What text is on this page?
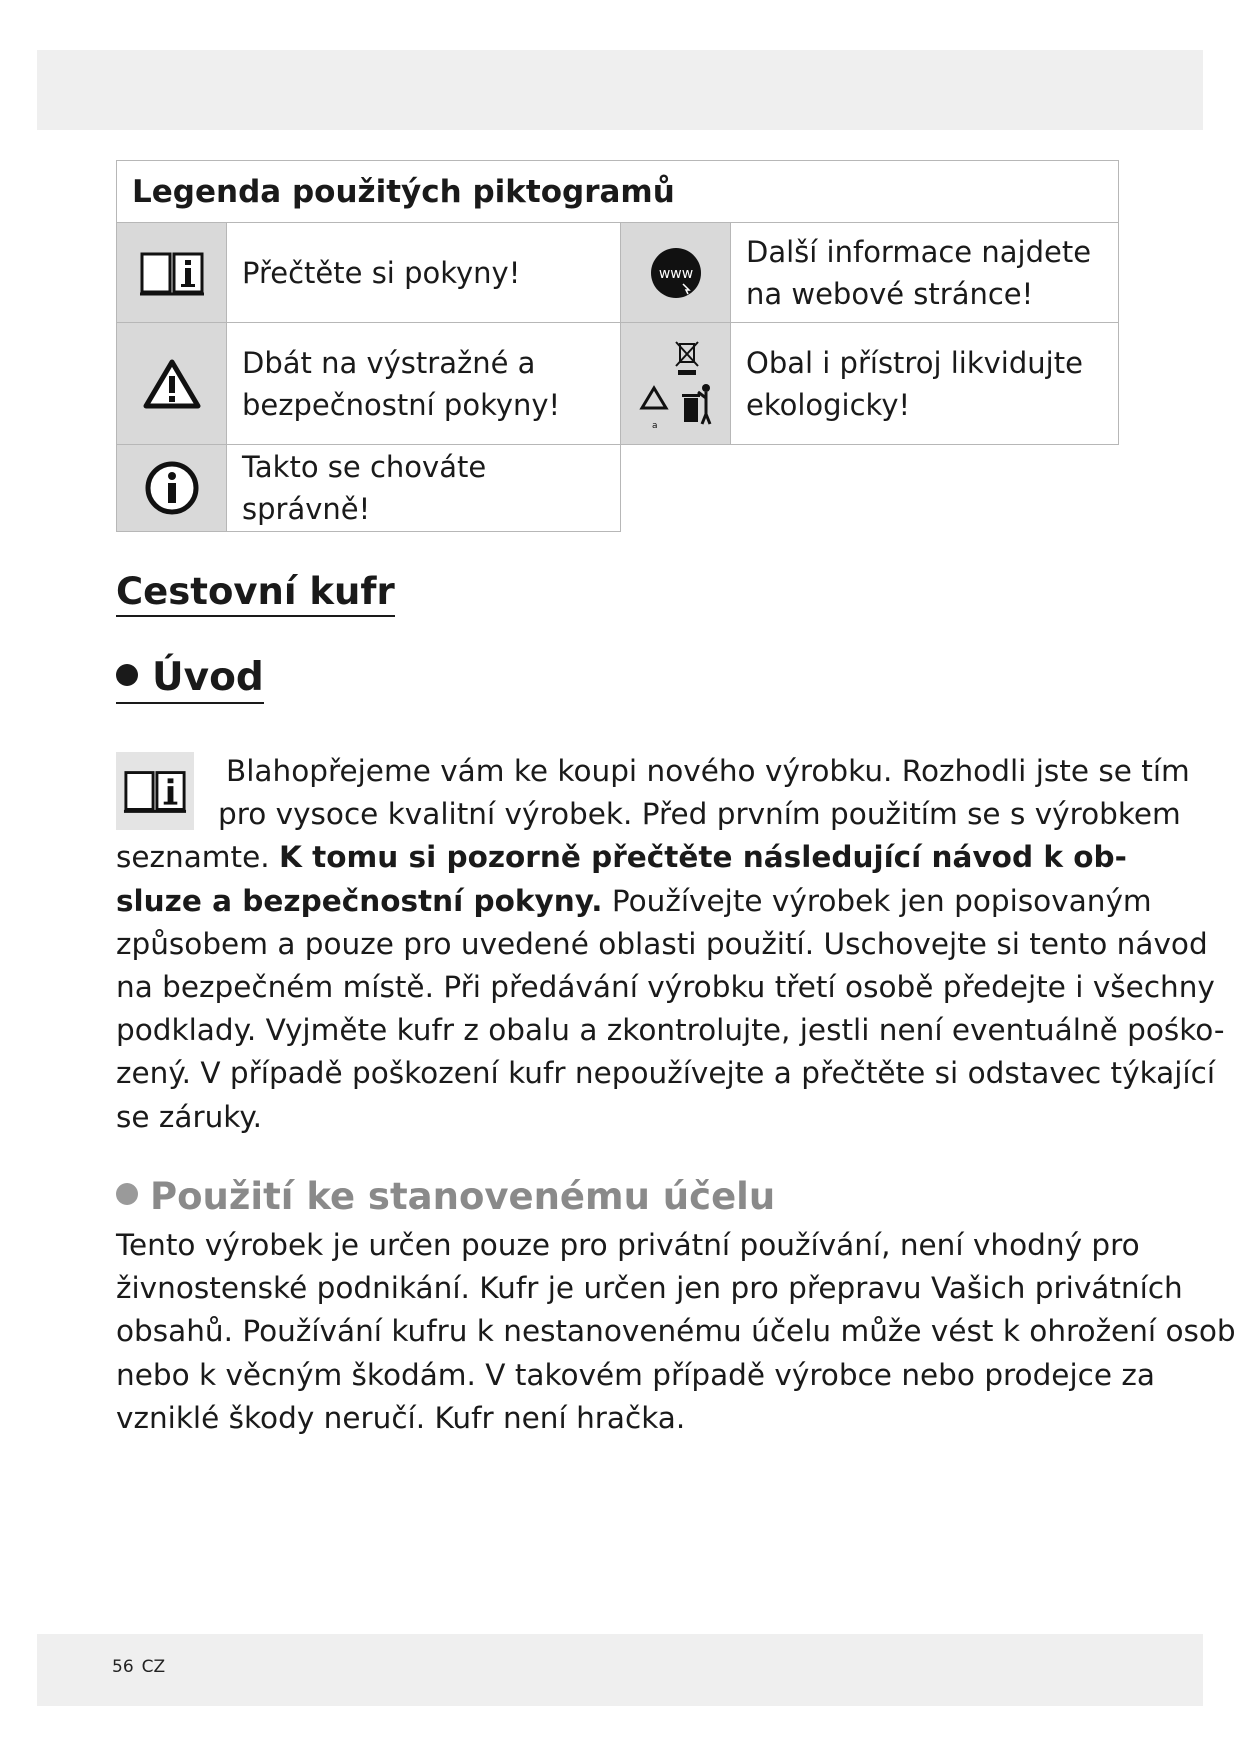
Legenda použitých piktogramů
Přečtěte si pokyny!	www
Další informace najdete
na webové stránce!
Dbát na výstražné a
bezpečnostní pokyny!
a
Obal i přístroj likvidujte
ekologicky!
Takto se chováte správně!
Cestovní kufr
Úvod
Blahopřejeme vám ke koupi nového výrobku. Rozhodli jste se tím
pro vysoce kvalitní výrobek. Před prvním použitím se s výrobkem
seznamte. K tomu si pozorně přečtěte následující návod k ob-
sluze a bezpečnostní pokyny. Používejte výrobek jen popisovaným
způsobem a pouze pro uvedené oblasti použití. Uschovejte si tento návod
na bezpečném místě. Při předávání výrobku třetí osobě předejte i všechny
podklady. Vyjměte kufr z obalu a zkontrolujte, jestli není eventuálně pośko-
zený. V případě poškození kufr nepoužívejte a přečtěte si odstavec týkající
se záruky.
Použití ke stanovenému účelu
Tento výrobek je určen pouze pro privátní používání, není vhodný pro
živnostenské podnikání. Kufr je určen jen pro přepravu Vašich privátních
obsahů. Používání kufru k nestanovenému účelu může vést k ohrožení osob
nebo k věcným škodám. V takovém případě výrobce nebo prodejce za
vzniklé škody neručí. Kufr není hračka.
56 CZ
